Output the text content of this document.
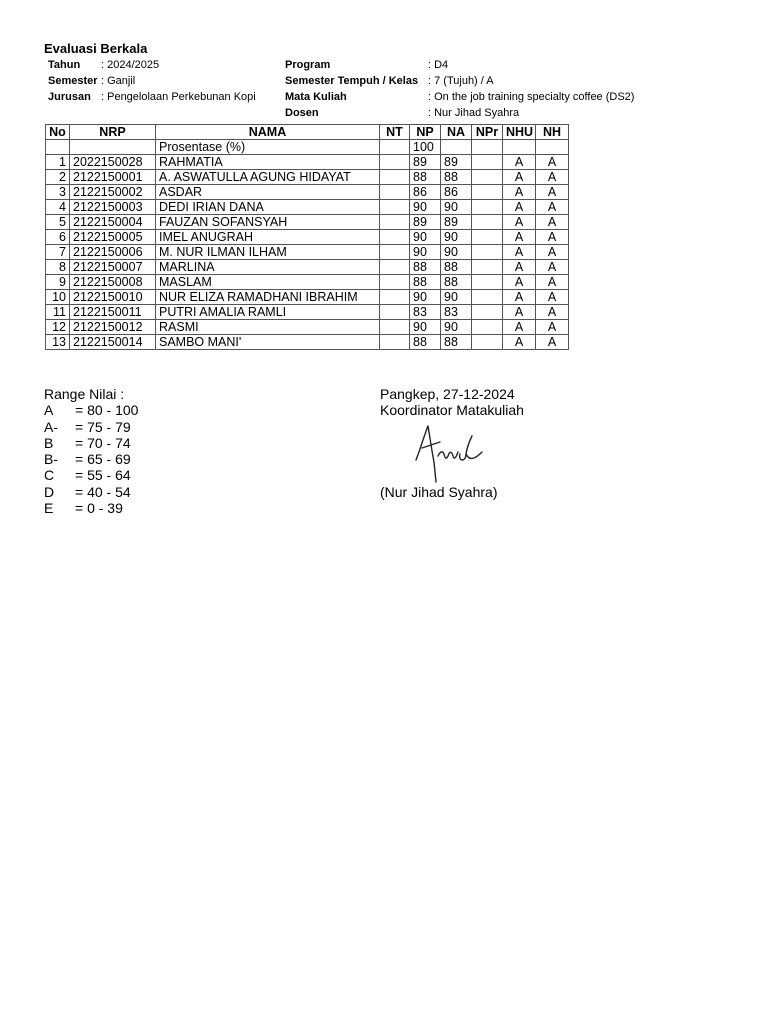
Evaluasi Berkala
Tahun	: 2024/2025
Semester : Ganjil
Jurusan : Pengelolaan Perkebunan Kopi
Program	: D4
Semester Tempuh / Kelas : 7 (Tujuh) / A
Mata Kuliah	: On the job training specialty coffee (DS2)
Dosen	: Nur Jihad Syahra
No	NRP	NAMA	NT	NP	NA	NPr	NHU	NH
		Prosentase (%)		100				
1	2022150028	RAHMATIA		89	89		A	A
2	2122150001	A. ASWATULLA AGUNG HIDAYAT		88	88		A	A
3	2122150002	ASDAR		86	86		A	A
4	2122150003	DEDI IRIAN DANA		90	90		A	A
5	2122150004	FAUZAN SOFANSYAH		89	89		A	A
6	2122150005	IMEL ANUGRAH		90	90		A	A
7	2122150006	M. NUR ILMAN ILHAM		90	90		A	A
8	2122150007	MARLINA		88	88		A	A
9	2122150008	MASLAM		88	88		A	A
10	2122150010	NUR ELIZA RAMADHANI IBRAHIM		90	90		A	A
11	2122150011	PUTRI AMALIA RAMLI		83	83		A	A
12	2122150012	RASMI		90	90		A	A
13	2122150014	SAMBO MANI'		88	88		A	A
Range Nilai :
A	= 80 - 100
A-	= 75 - 79
B	= 70 - 74
B-	= 65 - 69
C	= 55 - 64
D	= 40 - 54
E	= 0 - 39
Pangkep, 27-12-2024
Koordinator Matakuliah
(Nur Jihad Syahra)
